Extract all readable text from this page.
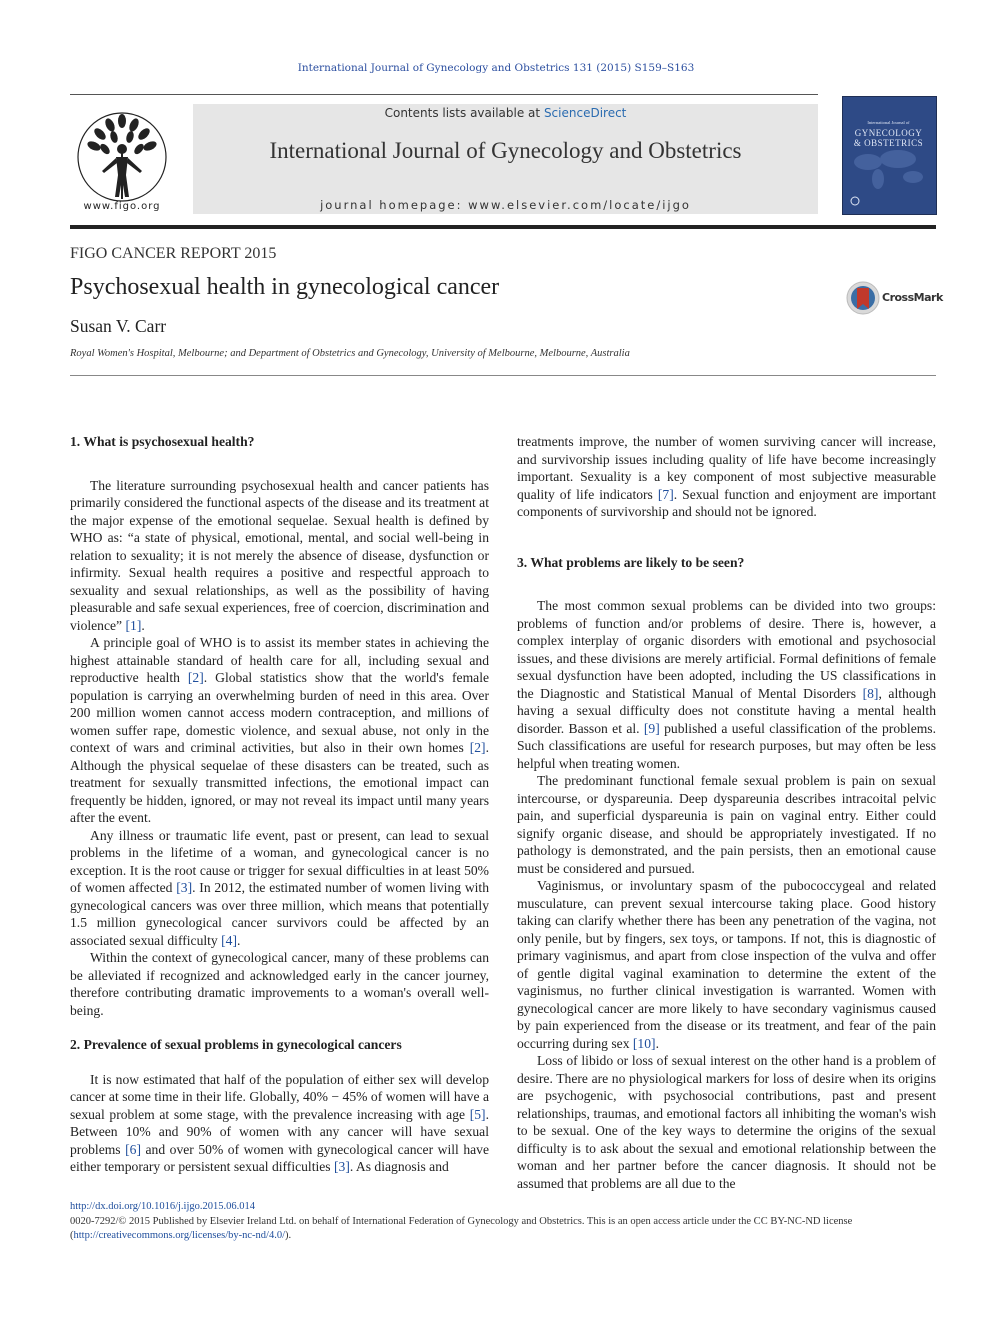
International Journal of Gynecology and Obstetrics 131 (2015) S159–S163
www.figo.org
Contents lists available at ScienceDirect
International Journal of Gynecology and Obstetrics
journal homepage: www.elsevier.com/locate/ijgo
International Journal of
GYNECOLOGY
& OBSTETRICS
FIGO CANCER REPORT 2015
Psychosexual health in gynecological cancer
Susan V. Carr
Royal Women's Hospital, Melbourne; and Department of Obstetrics and Gynecology, University of Melbourne, Melbourne, Australia
CrossMark
1. What is psychosexual health?

The literature surrounding psychosexual health and cancer patients has primarily considered the functional aspects of the disease and its treatment at the major expense of the emotional sequelae. Sexual health is defined by WHO as: “a state of physical, emotional, mental, and social well-being in relation to sexuality; it is not merely the absence of disease, dysfunction or infirmity. Sexual health requires a positive and respectful approach to sexuality and sexual relationships, as well as the possibility of having pleasurable and safe sexual experiences, free of coercion, discrimination and violence” [1].

A principle goal of WHO is to assist its member states in achieving the highest attainable standard of health care for all, including sexual and reproductive health [2]. Global statistics show that the world's female population is carrying an overwhelming burden of need in this area. Over 200 million women cannot access modern contraception, and millions of women suffer rape, domestic violence, and sexual abuse, not only in the context of wars and criminal activities, but also in their own homes [2]. Although the physical sequelae of these disasters can be treated, such as treatment for sexually transmitted infections, the emotional impact can frequently be hidden, ignored, or may not reveal its impact until many years after the event.

Any illness or traumatic life event, past or present, can lead to sexual problems in the lifetime of a woman, and gynecological cancer is no exception. It is the root cause or trigger for sexual difficulties in at least 50% of women affected [3]. In 2012, the estimated number of women living with gynecological cancers was over three million, which means that potentially 1.5 million gynecological cancer survivors could be affected by an associated sexual difficulty [4].

Within the context of gynecological cancer, many of these problems can be alleviated if recognized and acknowledged early in the cancer journey, therefore contributing dramatic improvements to a woman's overall well-being.

2. Prevalence of sexual problems in gynecological cancers

It is now estimated that half of the population of either sex will develop cancer at some time in their life. Globally, 40% − 45% of women will have a sexual problem at some stage, with the prevalence increasing with age [5]. Between 10% and 90% of women with any cancer will have sexual problems [6] and over 50% of women with gynecological cancer will have either temporary or persistent sexual difficulties [3]. As diagnosis and

treatments improve, the number of women surviving cancer will increase, and survivorship issues including quality of life have become increasingly important. Sexuality is a key component of most subjective measurable quality of life indicators [7]. Sexual function and enjoyment are important components of survivorship and should not be ignored.

3. What problems are likely to be seen?

The most common sexual problems can be divided into two groups: problems of function and/or problems of desire. There is, however, a complex interplay of organic disorders with emotional and psychosocial issues, and these divisions are merely artificial. Formal definitions of female sexual dysfunction have been adopted, including the US classifications in the Diagnostic and Statistical Manual of Mental Disorders [8], although having a sexual difficulty does not constitute having a mental health disorder. Basson et al. [9] published a useful classification of the problems. Such classifications are useful for research purposes, but may often be less helpful when treating women.

The predominant functional female sexual problem is pain on sexual intercourse, or dyspareunia. Deep dyspareunia describes intracoital pelvic pain, and superficial dyspareunia is pain on vaginal entry. Either could signify organic disease, and should be appropriately investigated. If no pathology is demonstrated, and the pain persists, then an emotional cause must be considered and pursued.

Vaginismus, or involuntary spasm of the pubococcygeal and related musculature, can prevent sexual intercourse taking place. Good history taking can clarify whether there has been any penetration of the vagina, not only penile, but by fingers, sex toys, or tampons. If not, this is diagnostic of primary vaginismus, and apart from close inspection of the vulva and offer of gentle digital vaginal examination to determine the extent of the vaginismus, no further clinical investigation is warranted. Women with gynecological cancer are more likely to have secondary vaginismus caused by pain experienced from the disease or its treatment, and fear of the pain occurring during sex [10].

Loss of libido or loss of sexual interest on the other hand is a problem of desire. There are no physiological markers for loss of desire when its origins are psychogenic, with psychosocial contributions, past and present relationships, traumas, and emotional factors all inhibiting the woman's wish to be sexual. One of the key ways to determine the origins of the sexual difficulty is to ask about the sexual and emotional relationship between the woman and her partner before the cancer diagnosis. It should not be assumed that problems are all due to the

http://dx.doi.org/10.1016/j.ijgo.2015.06.014
0020-7292/© 2015 Published by Elsevier Ireland Ltd. on behalf of International Federation of Gynecology and Obstetrics. This is an open access article under the CC BY-NC-ND license
(http://creativecommons.org/licenses/by-nc-nd/4.0/).
